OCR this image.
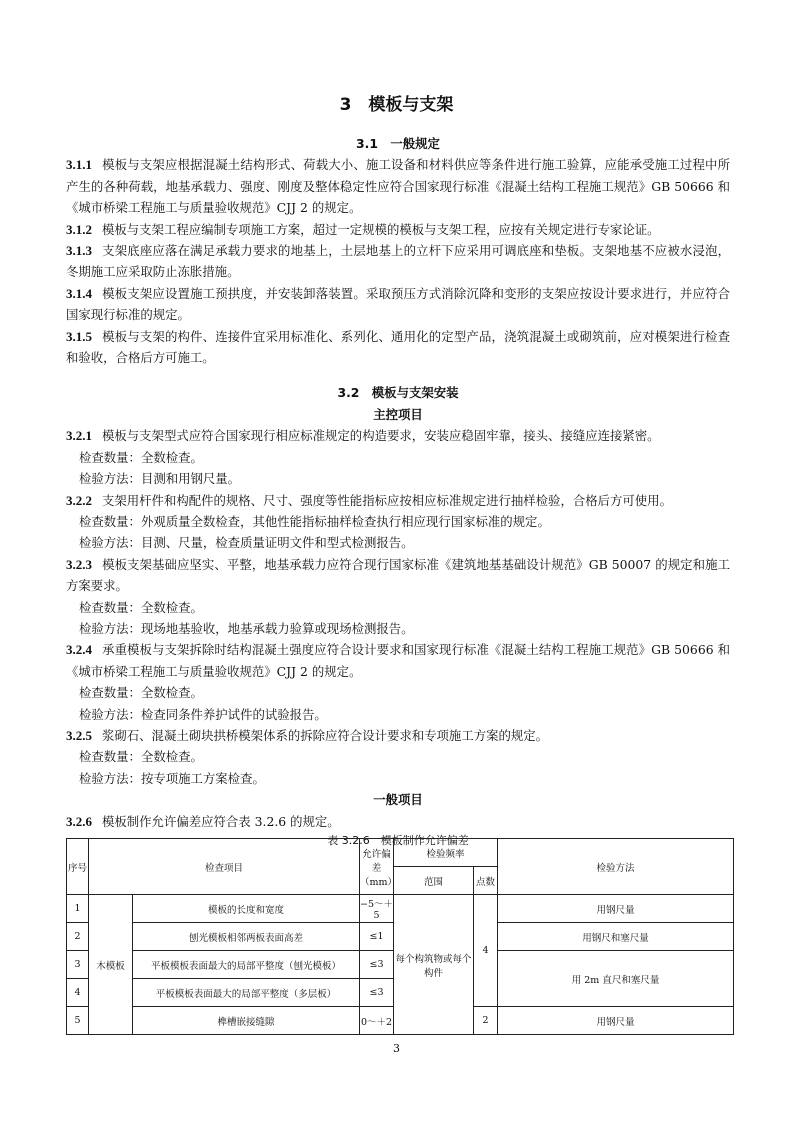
3　模板与支架
3.1　一般规定
3.1.1 模板与支架应根据混凝土结构形式、荷载大小、施工设备和材料供应等条件进行施工验算，应能承受施工过程中所产生的各种荷载，地基承载力、强度、刚度及整体稳定性应符合国家现行标准《混凝土结构工程施工规范》GB 50666 和《城市桥梁工程施工与质量验收规范》CJJ 2 的规定。
3.1.2 模板与支架工程应编制专项施工方案，超过一定规模的模板与支架工程，应按有关规定进行专家论证。
3.1.3 支架底座应落在满足承载力要求的地基上，土层地基上的立杆下应采用可调底座和垫板。支架地基不应被水浸泡，冬期施工应采取防止冻胀措施。
3.1.4 模板支架应设置施工预拱度，并安装卸落装置。采取预压方式消除沉降和变形的支架应按设计要求进行，并应符合国家现行标准的规定。
3.1.5 模板与支架的构件、连接件宜采用标准化、系列化、通用化的定型产品，浇筑混凝土或砌筑前，应对模架进行检查和验收，合格后方可施工。
3.2　模板与支架安装
主控项目
3.2.1 模板与支架型式应符合国家现行相应标准规定的构造要求，安装应稳固牢靠，接头、接缝应连接紧密。
检查数量：全数检查。
检验方法：目测和用钢尺量。
3.2.2 支架用杆件和构配件的规格、尺寸、强度等性能指标应按相应标准规定进行抽样检验，合格后方可使用。
检查数量：外观质量全数检查，其他性能指标抽样检查执行相应现行国家标准的规定。
检验方法：目测、尺量，检查质量证明文件和型式检测报告。
3.2.3 模板支架基础应坚实、平整，地基承载力应符合现行国家标准《建筑地基基础设计规范》GB 50007 的规定和施工方案要求。
检查数量：全数检查。
检验方法：现场地基验收，地基承载力验算或现场检测报告。
3.2.4 承重模板与支架拆除时结构混凝土强度应符合设计要求和国家现行标准《混凝土结构工程施工规范》GB 50666 和《城市桥梁工程施工与质量验收规范》CJJ 2 的规定。
检查数量：全数检查。
检验方法：检查同条件养护试件的试验报告。
3.2.5 浆砌石、混凝土砌块拱桥模架体系的拆除应符合设计要求和专项施工方案的规定。
检查数量：全数检查。
检验方法：按专项施工方案检查。
一般项目
3.2.6 模板制作允许偏差应符合表 3.2.6 的规定。
表 3.2.6　模板制作允许偏差
序号	检查项目		允许偏差
（mm）	检验频率		检验方法
				范围	点数	
1	木模板	模板的长度和宽度	−5～＋5	每个构筑物或每个构件	4	用钢尺量
2		刨光模板相邻两板表面高差	≤1			用钢尺和塞尺量
3		平板模板表面最大的局部平整度（刨光模板）	≤3			用 2m 直尺和塞尺量
4		平板模板表面最大的局部平整度（多层板）	≤3			
5		榫槽嵌接缝隙	0～＋2		2	用钢尺量
3
